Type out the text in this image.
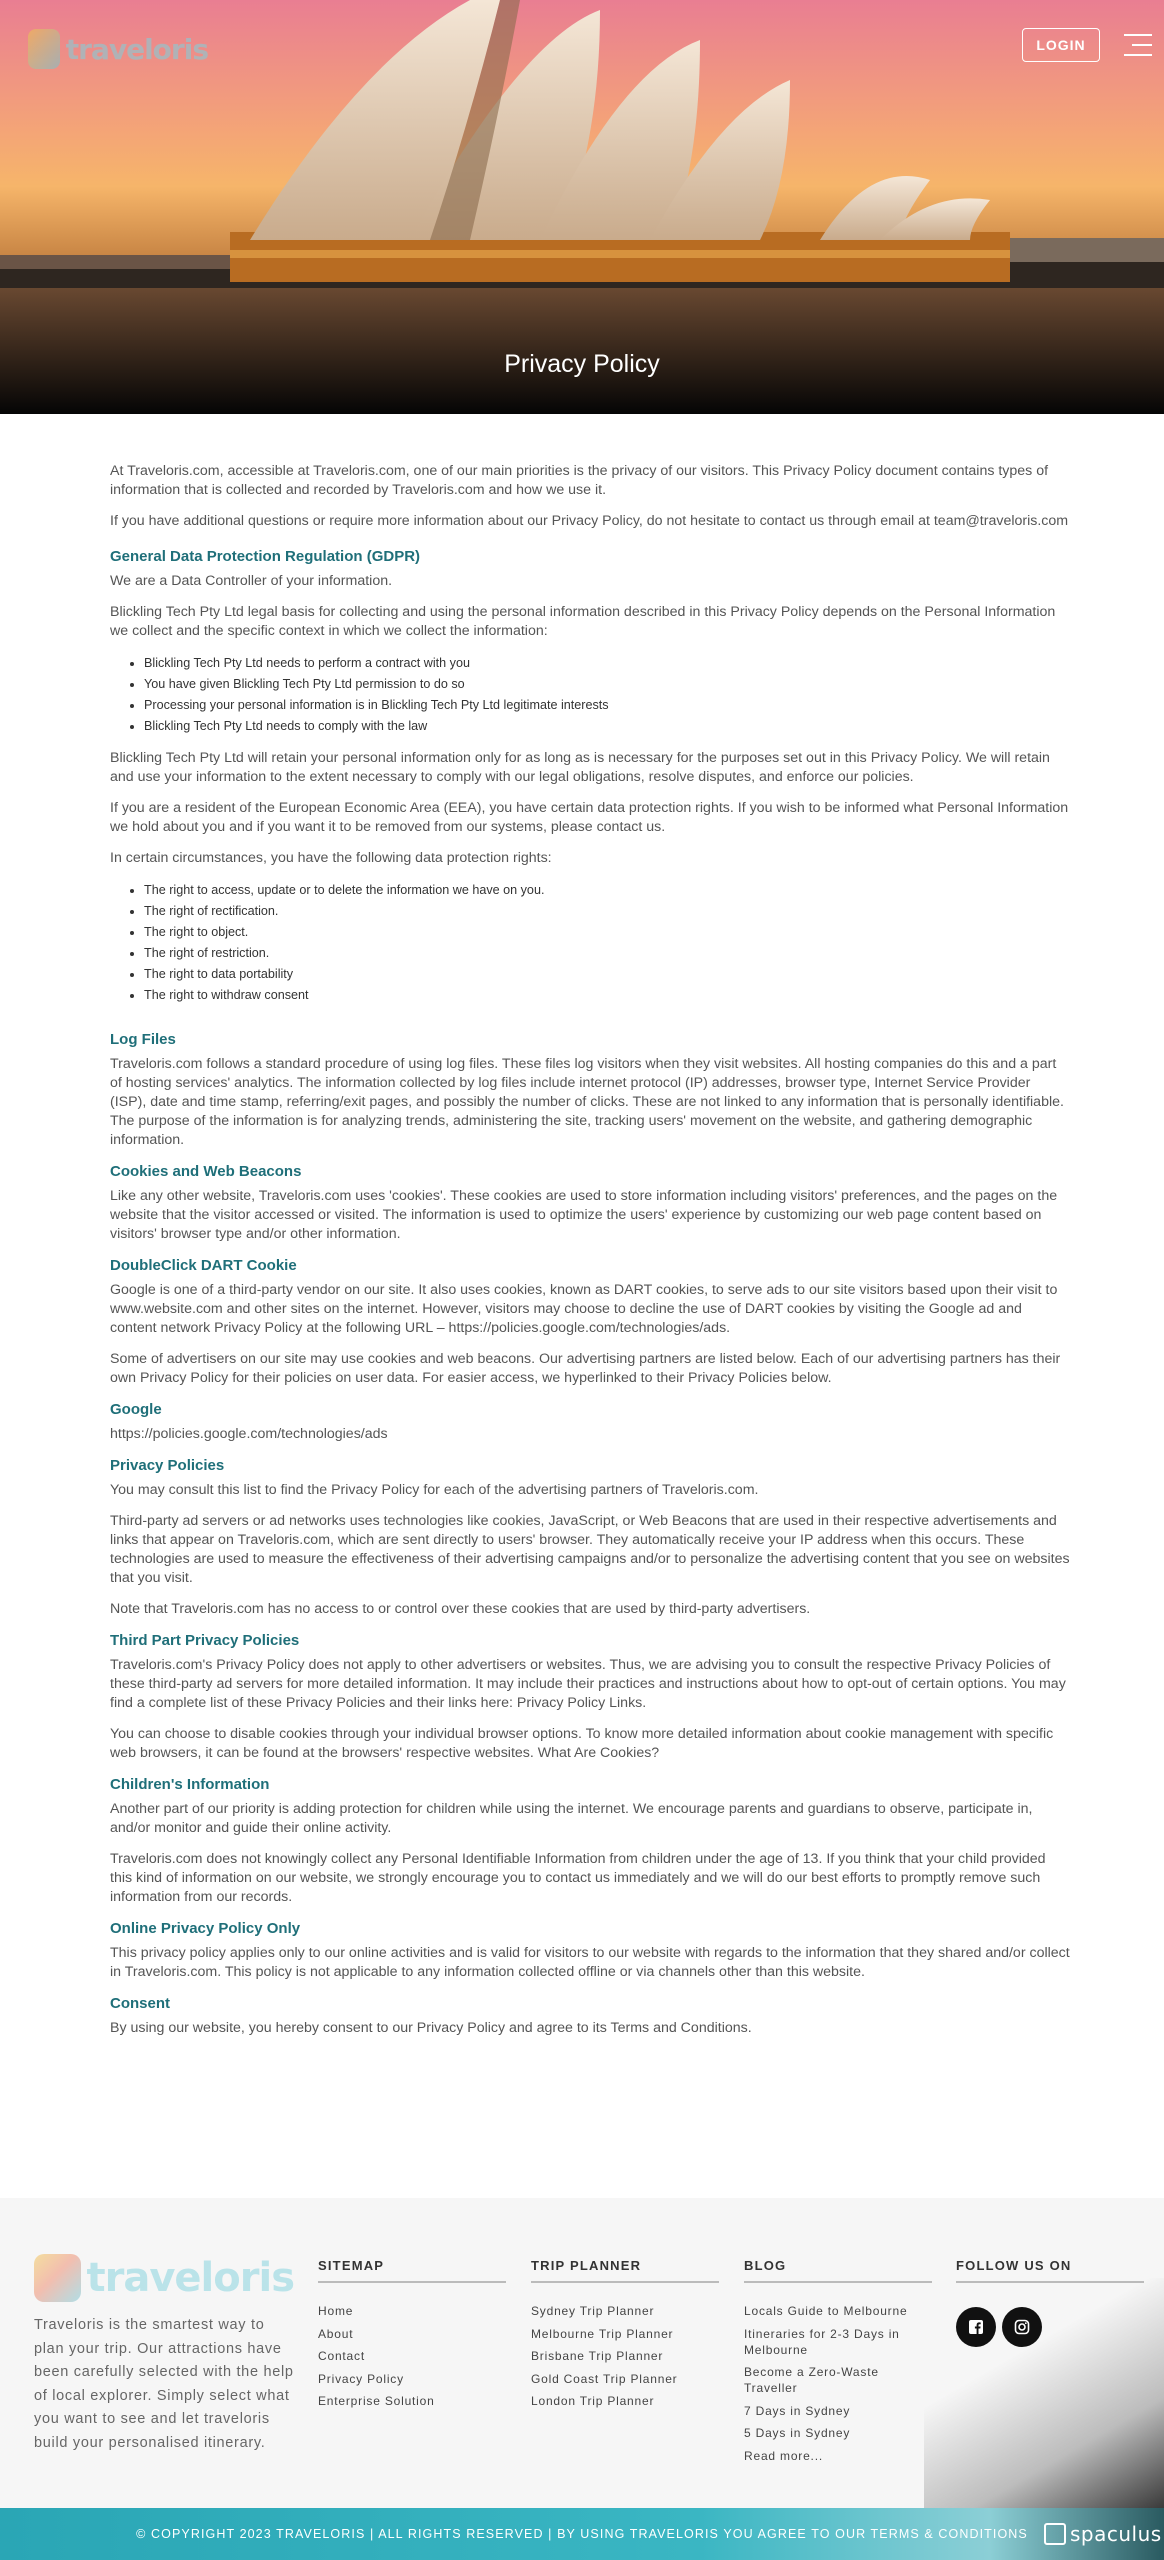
traveloris	LOGIN
Privacy Policy

At Traveloris.com, accessible at Traveloris.com, one of our main priorities is the privacy of our visitors. This Privacy Policy document contains types of information that is collected and recorded by Traveloris.com and how we use it.

If you have additional questions or require more information about our Privacy Policy, do not hesitate to contact us through email at team@traveloris.com

General Data Protection Regulation (GDPR)

We are a Data Controller of your information.

Blickling Tech Pty Ltd legal basis for collecting and using the personal information described in this Privacy Policy depends on the Personal Information we collect and the specific context in which we collect the information:

• Blickling Tech Pty Ltd needs to perform a contract with you
• You have given Blickling Tech Pty Ltd permission to do so
• Processing your personal information is in Blickling Tech Pty Ltd legitimate interests
• Blickling Tech Pty Ltd needs to comply with the law

Blickling Tech Pty Ltd will retain your personal information only for as long as is necessary for the purposes set out in this Privacy Policy. We will retain and use your information to the extent necessary to comply with our legal obligations, resolve disputes, and enforce our policies.

If you are a resident of the European Economic Area (EEA), you have certain data protection rights. If you wish to be informed what Personal Information we hold about you and if you want it to be removed from our systems, please contact us.

In certain circumstances, you have the following data protection rights:

• The right to access, update or to delete the information we have on you.
• The right of rectification.
• The right to object.
• The right of restriction.
• The right to data portability
• The right to withdraw consent
Log Files

Traveloris.com follows a standard procedure of using log files. These files log visitors when they visit websites. All hosting companies do this and a part of hosting services' analytics. The information collected by log files include internet protocol (IP) addresses, browser type, Internet Service Provider (ISP), date and time stamp, referring/exit pages, and possibly the number of clicks. These are not linked to any information that is personally identifiable. The purpose of the information is for analyzing trends, administering the site, tracking users' movement on the website, and gathering demographic information.

Cookies and Web Beacons

Like any other website, Traveloris.com uses 'cookies'. These cookies are used to store information including visitors' preferences, and the pages on the website that the visitor accessed or visited. The information is used to optimize the users' experience by customizing our web page content based on visitors' browser type and/or other information.

DoubleClick DART Cookie

Google is one of a third-party vendor on our site. It also uses cookies, known as DART cookies, to serve ads to our site visitors based upon their visit to www.website.com and other sites on the internet. However, visitors may choose to decline the use of DART cookies by visiting the Google ad and content network Privacy Policy at the following URL – https://policies.google.com/technologies/ads.

Some of advertisers on our site may use cookies and web beacons. Our advertising partners are listed below. Each of our advertising partners has their own Privacy Policy for their policies on user data. For easier access, we hyperlinked to their Privacy Policies below.

Google

https://policies.google.com/technologies/ads

Privacy Policies

You may consult this list to find the Privacy Policy for each of the advertising partners of Traveloris.com.

Third-party ad servers or ad networks uses technologies like cookies, JavaScript, or Web Beacons that are used in their respective advertisements and links that appear on Traveloris.com, which are sent directly to users' browser. They automatically receive your IP address when this occurs. These technologies are used to measure the effectiveness of their advertising campaigns and/or to personalize the advertising content that you see on websites that you visit.

Note that Traveloris.com has no access to or control over these cookies that are used by third-party advertisers.

Third Part Privacy Policies

Traveloris.com's Privacy Policy does not apply to other advertisers or websites. Thus, we are advising you to consult the respective Privacy Policies of these third-party ad servers for more detailed information. It may include their practices and instructions about how to opt-out of certain options. You may find a complete list of these Privacy Policies and their links here: Privacy Policy Links.

You can choose to disable cookies through your individual browser options. To know more detailed information about cookie management with specific web browsers, it can be found at the browsers' respective websites. What Are Cookies?

Children's Information

Another part of our priority is adding protection for children while using the internet. We encourage parents and guardians to observe, participate in, and/or monitor and guide their online activity.

Traveloris.com does not knowingly collect any Personal Identifiable Information from children under the age of 13. If you think that your child provided this kind of information on our website, we strongly encourage you to contact us immediately and we will do our best efforts to promptly remove such information from our records.

Online Privacy Policy Only

This privacy policy applies only to our online activities and is valid for visitors to our website with regards to the information that they shared and/or collect in Traveloris.com. This policy is not applicable to any information collected offline or via channels other than this website.

Consent

By using our website, you hereby consent to our Privacy Policy and agree to its Terms and Conditions.

traveloris

Traveloris is the smartest way to plan your trip. Our attractions have been carefully selected with the help of local explorer. Simply select what you want to see and let traveloris build your personalised itinerary.

SITEMAP
Home
About
Contact
Privacy Policy
Enterprise Solution
TRIP PLANNER
Sydney Trip Planner
Melbourne Trip Planner
Brisbane Trip Planner
Gold Coast Trip Planner
London Trip Planner
BLOG
Locals Guide to Melbourne
Itineraries for 2-3 Days in Melbourne
Become a Zero-Waste Traveller
7 Days in Sydney
5 Days in Sydney
Read more...
FOLLOW US ON
© COPYRIGHT 2023 TRAVELORIS | ALL RIGHTS RESERVED | BY USING TRAVELORIS YOU AGREE TO OUR TERMS & CONDITIONS spaculus
